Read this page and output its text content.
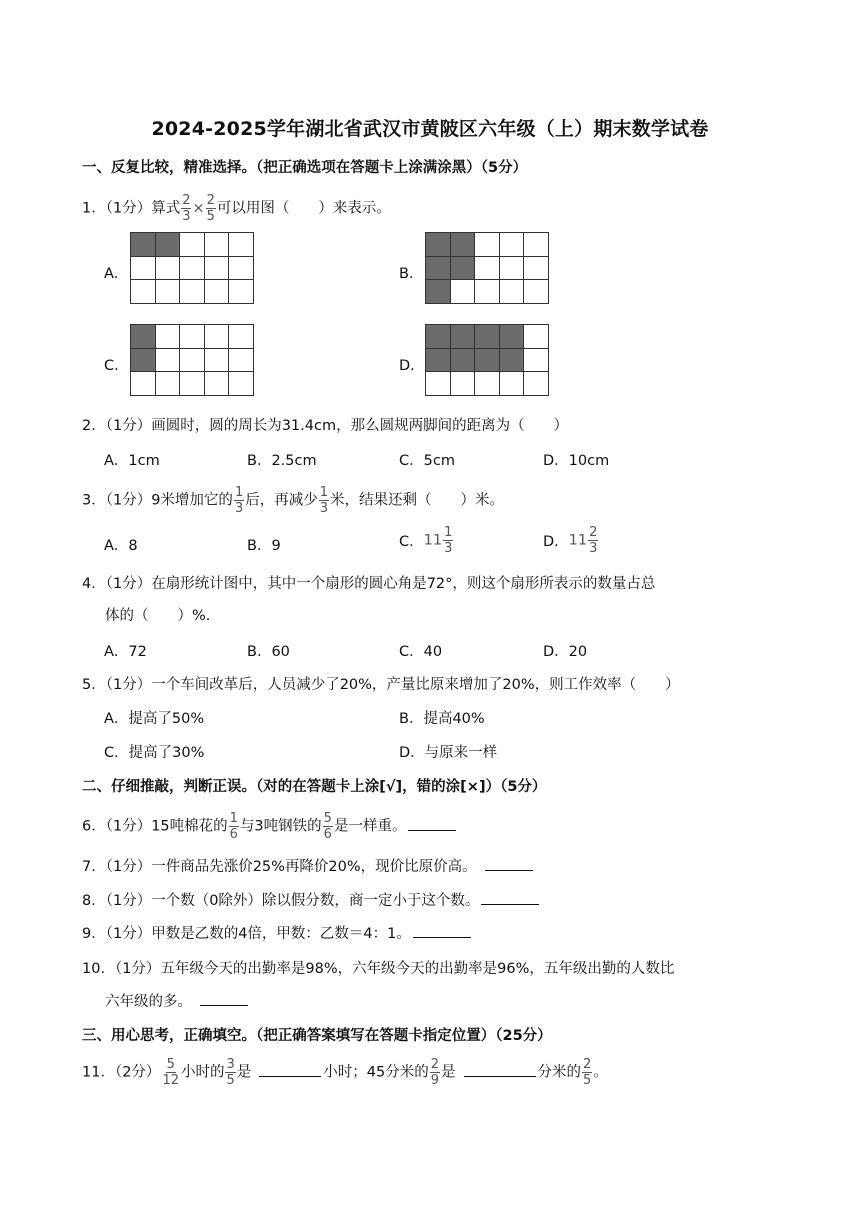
2024-2025学年湖北省武汉市黄陂区六年级（上）期末数学试卷
一、反复比较，精准选择。（把正确选项在答题卡上涂满涂黑）（5分）
1．（1分）算式 $\frac{2}{3} \times \frac{2}{5}$ 可以用图（　　）来表示。
A．

					B．

C．

					D．

2．（1分）画圆时，圆的周长为31.4cm，那么圆规两脚间的距离为（　　）
A．1cm	B．2.5cm	C．5cm	D．10cm
3．（1分）9米增加它的 $\frac{1}{3}$ 后，再减少 $\frac{1}{3}$ 米，结果还剩（　　）米。
A．8	B．9	C．$11 \frac{1}{3}$	D．$11 \frac{2}{3}$
4．（1分）在扇形统计图中，其中一个扇形的圆心角是72°，则这个扇形所表示的数量占总
体的（　　）%.
A．72	B．60	C．40	D．20
5．（1分）一个车间改革后，人员减少了20%，产量比原来增加了20%，则工作效率（　　）
A．提高了50%	B．提高40%
C．提高了30%	D．与原来一样
二、仔细推敲，判断正误。（对的在答题卡上涂[√]，错的涂[×]）（5分）
6．（1分）15吨棉花的 $\frac{1}{6}$ 与3吨钢铁的 $\frac{5}{6}$ 是一样重。
7．（1分）一件商品先涨价25%再降价20%，现价比原价高。
8．（1分）一个数（0除外）除以假分数，商一定小于这个数。
9．（1分）甲数是乙数的4倍，甲数：乙数＝4：1。
10．（1分）五年级今天的出勤率是98%，六年级今天的出勤率是96%，五年级出勤的人数比
六年级的多。
三、用心思考，正确填空。（把正确答案填写在答题卡指定位置）（25分）
11．（2分） $\frac{5}{12}$ 小时的 $\frac{3}{5}$ 是	小时；45分米的 $\frac{2}{9}$ 是	分米的 $\frac{2}{5}$ 。
